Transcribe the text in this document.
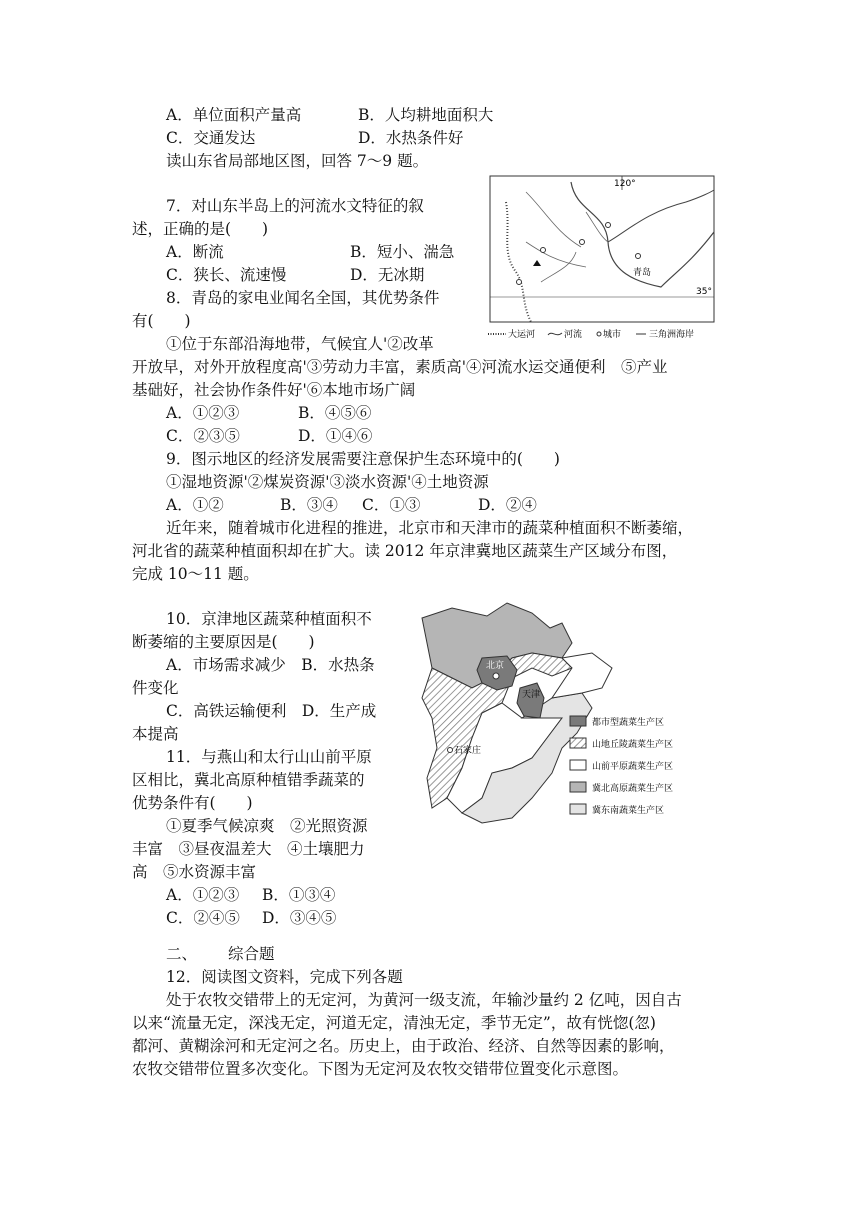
A．单位面积产量高	B．人均耕地面积大
C．交通发达	D．水热条件好
读山东省局部地区图，回答 7～9 题。
7．对山东半岛上的河流水文特征的叙
述，正确的是(　　)
A．断流	B．短小、湍急
C．狭长、流速慢	D．无冰期
8．青岛的家电业闻名全国，其优势条件
有(　　)
①位于东部沿海地带，气候宜人'②改革
开放早，对外开放程度高'③劳动力丰富，素质高'④河流水运交通便利　⑤产业
基础好，社会协作条件好'⑥本地市场广阔
A．①②③	B．④⑤⑥
C．②③⑤	D．①④⑥
9．图示地区的经济发展需要注意保护生态环境中的(　　)
①湿地资源'②煤炭资源'③淡水资源'④土地资源
A．①②	B．③④ C．①③	D．②④
近年来，随着城市化进程的推进，北京市和天津市的蔬菜种植面积不断萎缩，
河北省的蔬菜种植面积却在扩大。读 2012 年京津冀地区蔬菜生产区域分布图，
完成 10～11 题。
10．京津地区蔬菜种植面积不
断萎缩的主要原因是(　　)
A．市场需求减少　B．水热条
件变化
C．高铁运输便利　D．生产成
本提高
11．与燕山和太行山山前平原
区相比，冀北高原种植错季蔬菜的
优势条件有(　　)
①夏季气候凉爽　②光照资源
丰富　③昼夜温差大　④土壤肥力
高　⑤水资源丰富
A．①②③ B．①③④
C．②④⑤ D．③④⑤
二、 综合题
12．阅读图文资料，完成下列各题
处于农牧交错带上的无定河，为黄河一级支流，年输沙量约 2 亿吨，因自古
以来“流量无定，深浅无定，河道无定，清浊无定，季节无定”，故有恍惚(忽)
都河、黄糊涂河和无定河之名。历史上，由于政治、经济、自然等因素的影响，
农牧交错带位置多次变化。下图为无定河及农牧交错带位置变化示意图。
120°
35°
青岛
大运河	河流 城市	三角洲海岸
北京
天津
石家庄
都市型蔬菜生产区
山地丘陵蔬菜生产区
山前平原蔬菜生产区
冀北高原蔬菜生产区
冀东南蔬菜生产区
